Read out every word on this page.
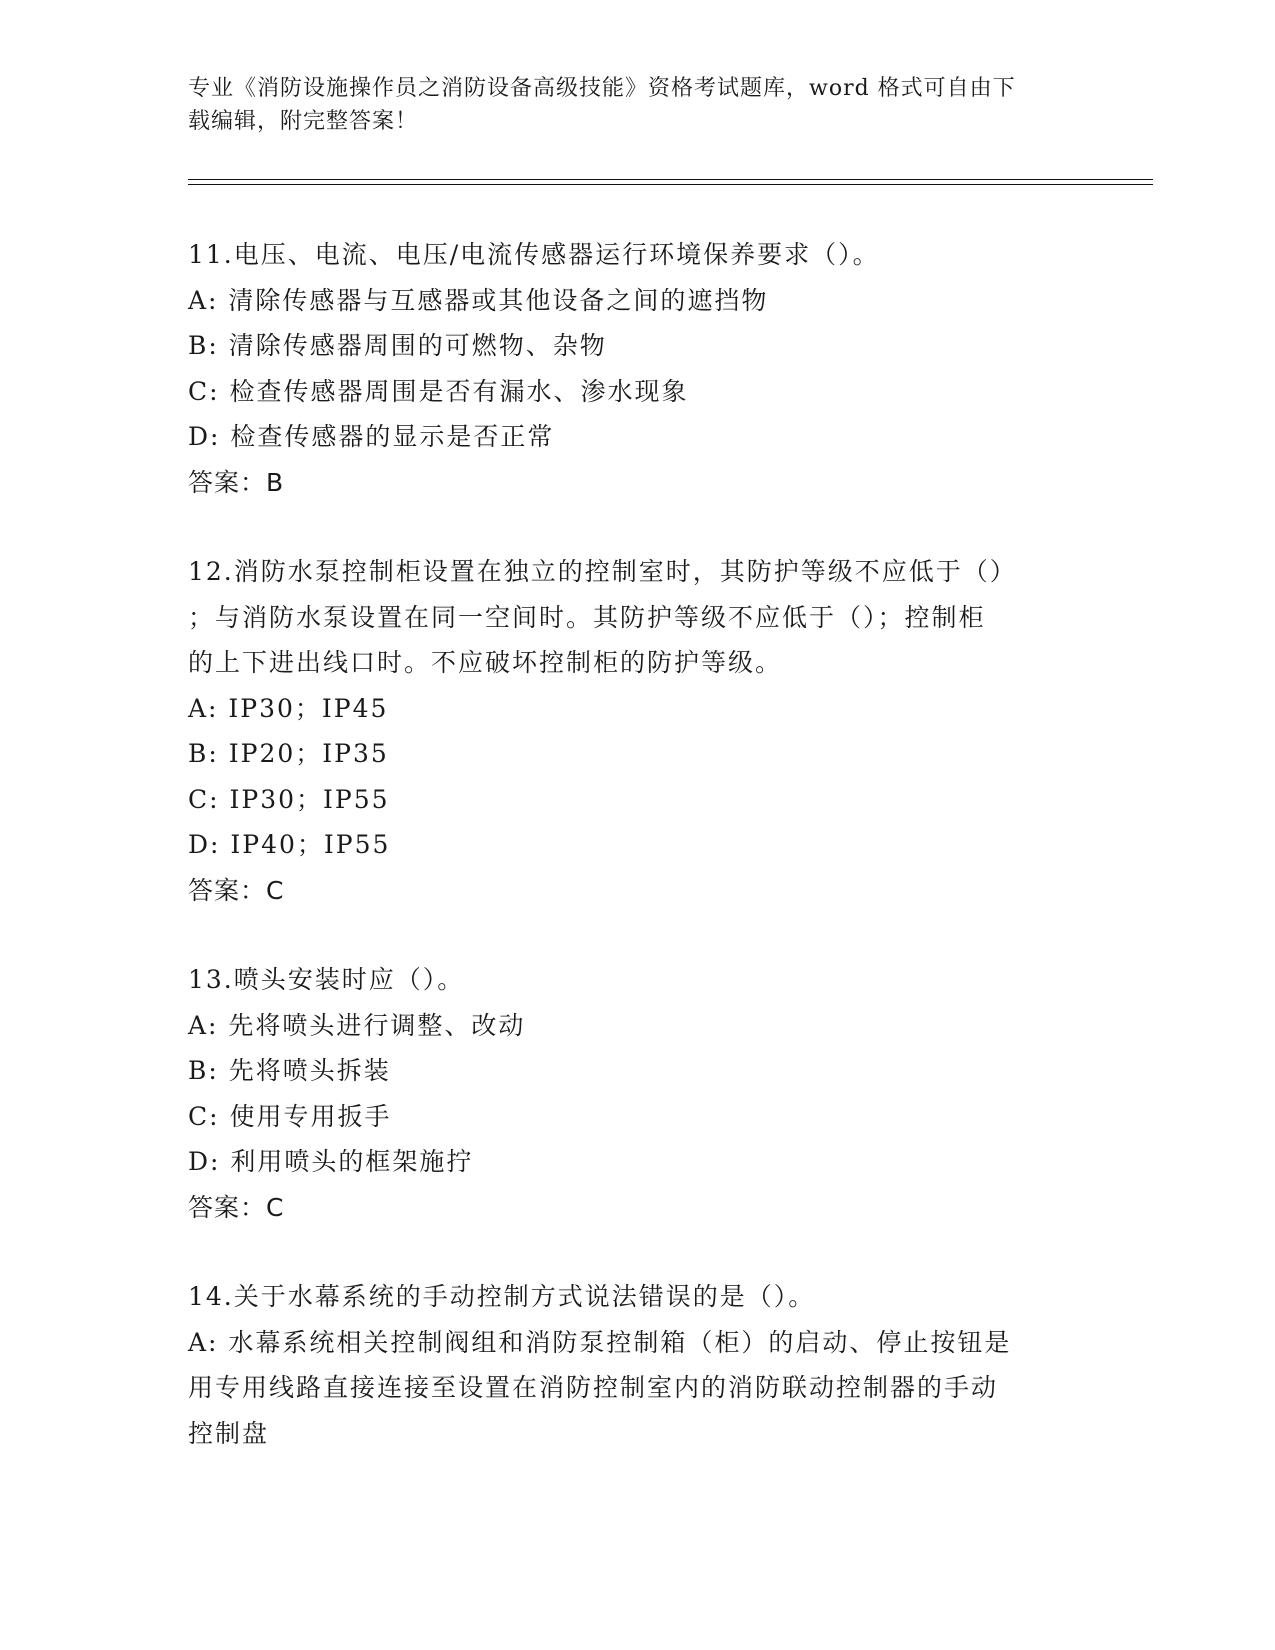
专业《消防设施操作员之消防设备高级技能》资格考试题库，word 格式可自由下
载编辑，附完整答案！
11.电压、电流、电压/电流传感器运行环境保养要求（）。
A: 清除传感器与互感器或其他设备之间的遮挡物
B: 清除传感器周围的可燃物、杂物
C: 检查传感器周围是否有漏水、渗水现象
D: 检查传感器的显示是否正常
答案：B
12.消防水泵控制柜设置在独立的控制室时，其防护等级不应低于（）
；与消防水泵设置在同一空间时。其防护等级不应低于（）；控制柜
的上下进出线口时。不应破坏控制柜的防护等级。
A: IP30；IP45
B: IP20；IP35
C: IP30；IP55
D: IP40；IP55
答案：C
13.喷头安装时应（）。
A: 先将喷头进行调整、改动
B: 先将喷头拆装
C: 使用专用扳手
D: 利用喷头的框架施拧
答案：C
14.关于水幕系统的手动控制方式说法错误的是（）。
A: 水幕系统相关控制阀组和消防泵控制箱（柜）的启动、停止按钮是
用专用线路直接连接至设置在消防控制室内的消防联动控制器的手动
控制盘
